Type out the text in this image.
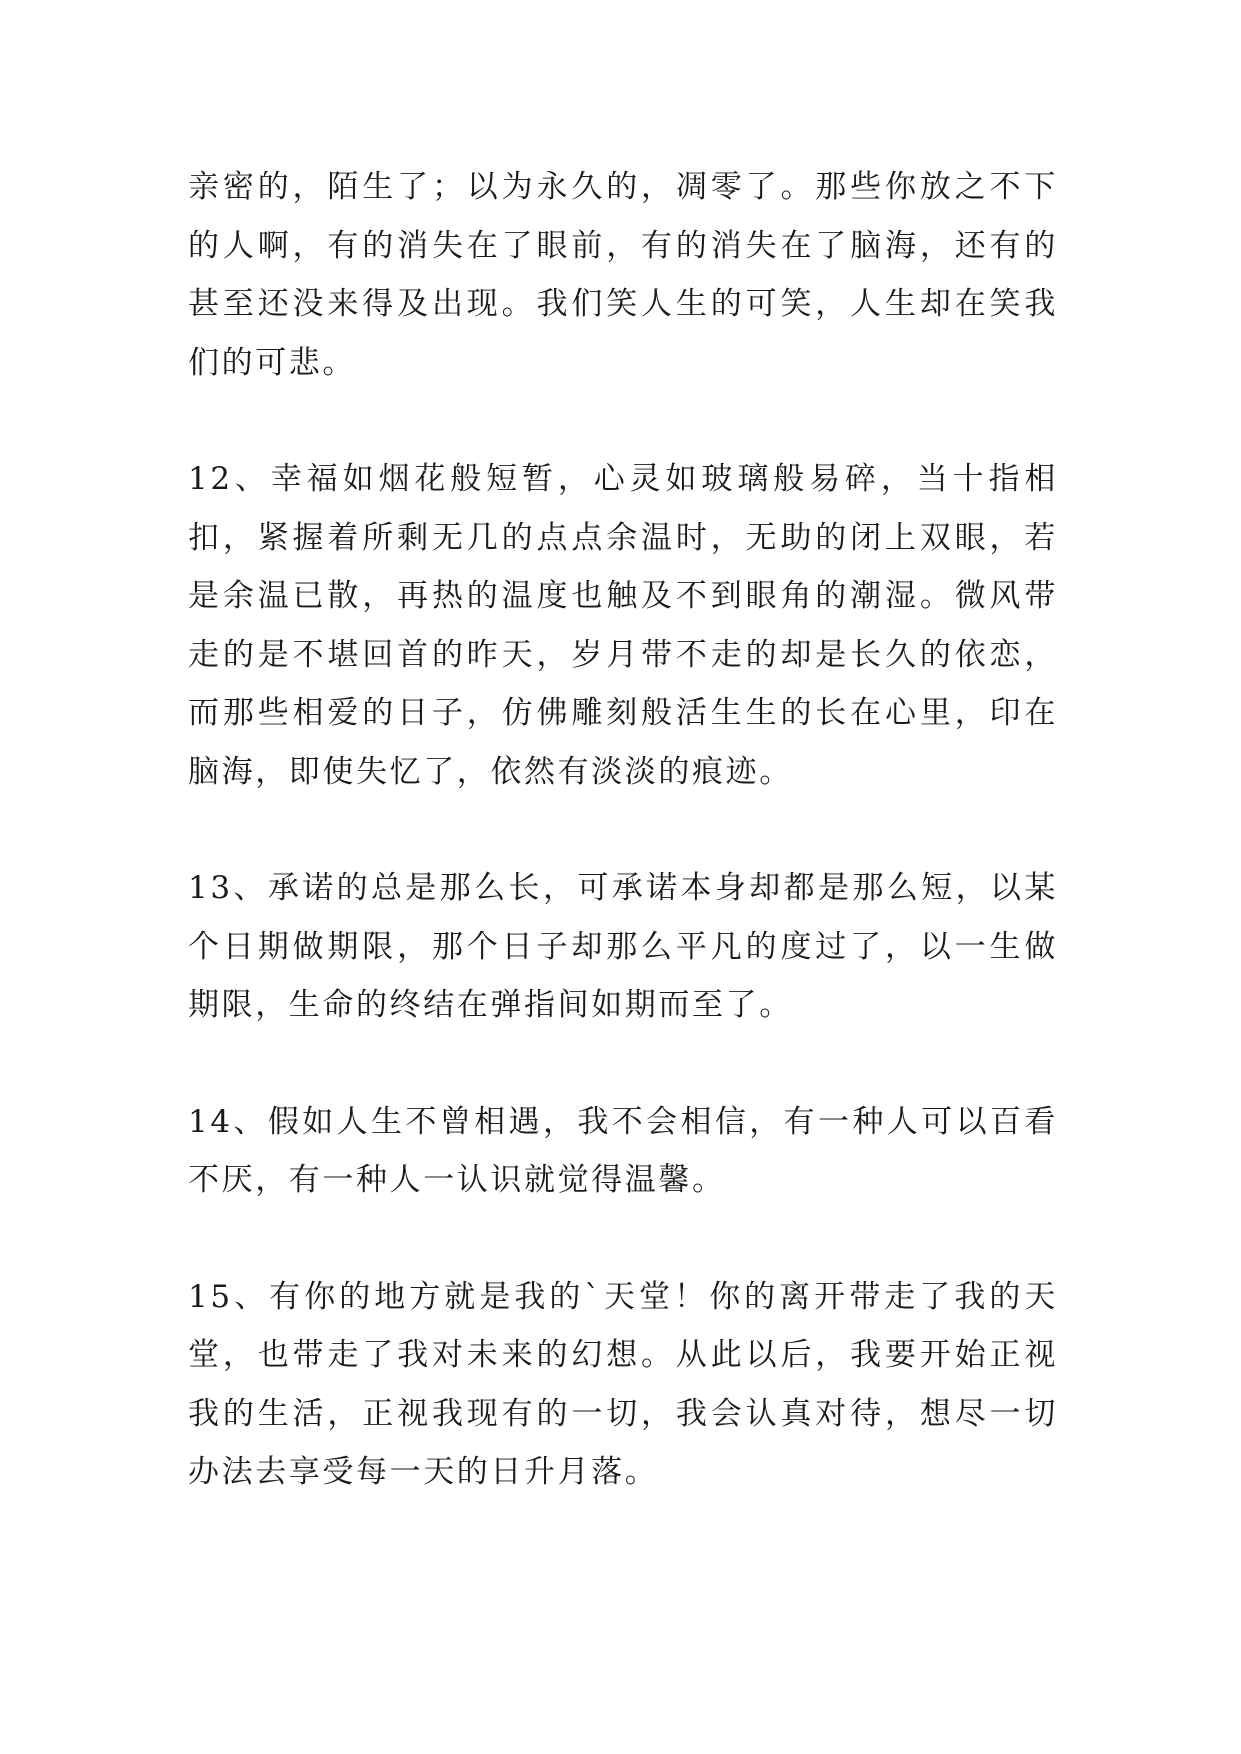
亲密的，陌生了；以为永久的，凋零了。那些你放之不下的人啊，有的消失在了眼前，有的消失在了脑海，还有的甚至还没来得及出现。我们笑人生的可笑，人生却在笑我们的可悲。

12、幸福如烟花般短暂，心灵如玻璃般易碎，当十指相扣，紧握着所剩无几的点点余温时，无助的闭上双眼，若是余温已散，再热的温度也触及不到眼角的潮湿。微风带走的是不堪回首的昨天，岁月带不走的却是长久的依恋，而那些相爱的日子，仿佛雕刻般活生生的长在心里，印在脑海，即使失忆了，依然有淡淡的痕迹。

13、承诺的总是那么长，可承诺本身却都是那么短，以某个日期做期限，那个日子却那么平凡的度过了，以一生做期限，生命的终结在弹指间如期而至了。

14、假如人生不曾相遇，我不会相信，有一种人可以百看不厌，有一种人一认识就觉得温馨。

15、有你的地方就是我的`天堂！你的离开带走了我的天堂，也带走了我对未来的幻想。从此以后，我要开始正视我的生活，正视我现有的一切，我会认真对待，想尽一切办法去享受每一天的日升月落。
